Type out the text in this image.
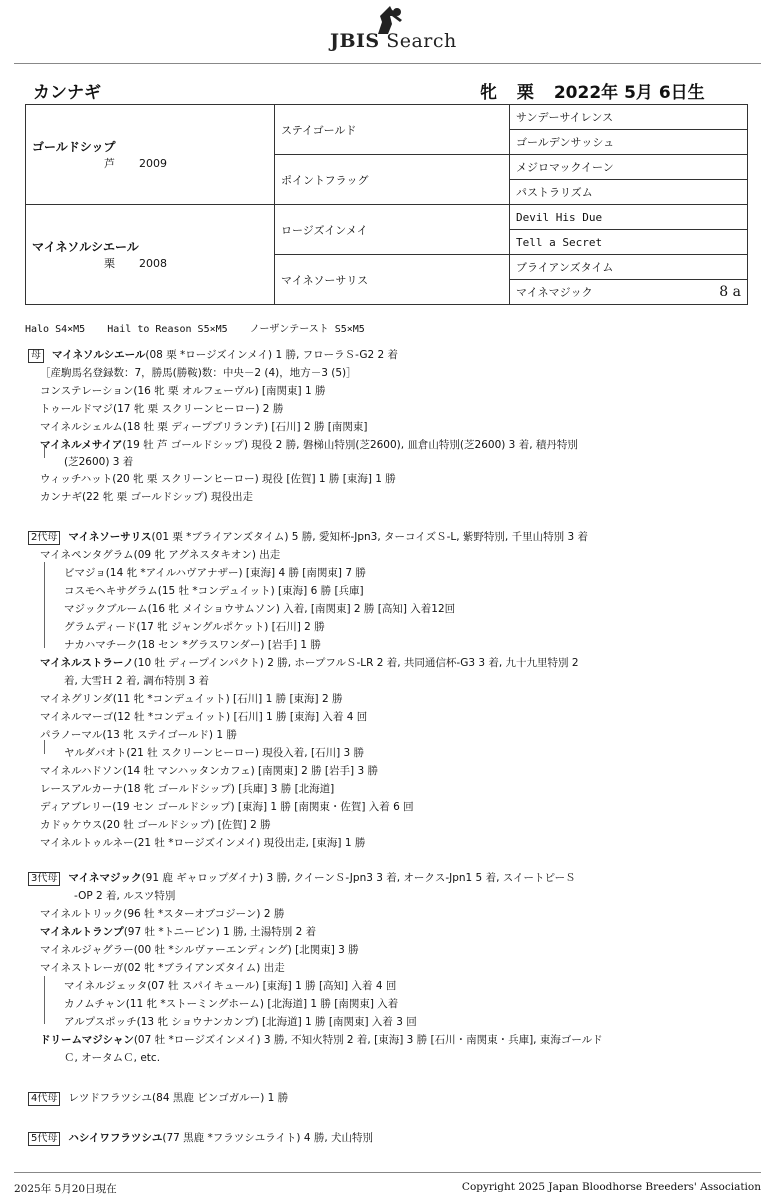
JBIS Search
カンナギ	牝 栗 2022年 5月 6日生
ゴールドシップ
芦 2009	ステイゴールド	サンデーサイレンス
		ゴールデンサッシュ
	ポイントフラッグ	メジロマックイーン
		パストラリズム

マイネソルシエール
栗 2008	ロージズインメイ	Devil His Due
		Tell a Secret
	マイネソーサリス	ブライアンズタイム
		マイネマジック 8 a
Halo S4×M5 Hail to Reason S5×M5 ノーザンテースト S5×M5
母 マイネソルシエール(08 栗 *ロージズインメイ) 1 勝, フローラＳ-G2 2 着
［産駒馬名登録数：7，勝馬(勝鞍)数：中央－2 (4)，地方－3 (5)］
コンステレーション(16 牝 栗 オルフェーヴル) [南関東] 1 勝
トゥールドマジ(17 牝 栗 スクリーンヒーロー) 2 勝
マイネルシェルム(18 牡 栗 ディープブリランテ) [石川] 2 勝 [南関東]
マイネルメサイア(19 牡 芦 ゴールドシップ) 現役 2 勝, 磐梯山特別(芝2600), 皿倉山特別(芝2600) 3 着, 積丹特別
(芝2600) 3 着
ウィッチハット(20 牝 栗 スクリーンヒーロー) 現役 [佐賀] 1 勝 [東海] 1 勝
カンナギ(22 牝 栗 ゴールドシップ) 現役出走
2代母 マイネソーサリス(01 栗 *ブライアンズタイム) 5 勝, 愛知杯-Jpn3, ターコイズＳ-L, 紫野特別, 千里山特別 3 着
マイネペンタグラム(09 牝 アグネスタキオン) 出走
ビマジョ(14 牝 *アイルハヴアナザー) [東海] 4 勝 [南関東] 7 勝
コスモヘキサグラム(15 牡 *コンデュイット) [東海] 6 勝 [兵庫]
マジックブルーム(16 牝 メイショウサムソン) 入着, [南関東] 2 勝 [高知] 入着12回
グラムディード(17 牝 ジャングルポケット) [石川] 2 勝
ナカハマチーク(18 セン *グラスワンダー) [岩手] 1 勝
マイネルストラーノ(10 牡 ディープインパクト) 2 勝, ホープフルＳ-LR 2 着, 共同通信杯-G3 3 着, 九十九里特別 2
着, 大雪Ｈ 2 着, 調布特別 3 着
マイネグリンダ(11 牝 *コンデュイット) [石川] 1 勝 [東海] 2 勝
マイネルマーゴ(12 牡 *コンデュイット) [石川] 1 勝 [東海] 入着 4 回
パラノーマル(13 牝 ステイゴールド) 1 勝
ヤルダバオト(21 牡 スクリーンヒーロー) 現役入着, [石川] 3 勝
マイネルハドソン(14 牡 マンハッタンカフェ) [南関東] 2 勝 [岩手] 3 勝
レースアルカーナ(18 牝 ゴールドシップ) [兵庫] 3 勝 [北海道]
ディアブレリー(19 セン ゴールドシップ) [東海] 1 勝 [南関東・佐賀] 入着 6 回
カドゥケウス(20 牡 ゴールドシップ) [佐賀] 2 勝
マイネルトゥルネー(21 牡 *ロージズインメイ) 現役出走, [東海] 1 勝
3代母 マイネマジック(91 鹿 ギャロップダイナ) 3 勝, クイーンＳ-Jpn3 3 着, オークス-Jpn1 5 着, スイートピーＳ
-OP 2 着, ルスツ特別
マイネルトリック(96 牡 *スターオブコジーン) 2 勝
マイネルトランプ(97 牡 *トニービン) 1 勝, 土湯特別 2 着
マイネルジャグラー(00 牡 *シルヴァーエンディング) [北関東] 3 勝
マイネストレーガ(02 牝 *ブライアンズタイム) 出走
マイネルジェッタ(07 牡 スパイキュール) [東海] 1 勝 [高知] 入着 4 回
カノムチャン(11 牝 *ストーミングホーム) [北海道] 1 勝 [南関東] 入着
アルプスポッチ(13 牝 ショウナンカンプ) [北海道] 1 勝 [南関東] 入着 3 回
ドリームマジシャン(07 牡 *ロージズインメイ) 3 勝, 不知火特別 2 着, [東海] 3 勝 [石川・南関東・兵庫], 東海ゴールド
Ｃ, オータムＣ, etc.
4代母 レツドフラツシユ(84 黒鹿 ビンゴガルー) 1 勝
5代母 ハシイワフラツシユ(77 黒鹿 *フラツシユライト) 4 勝, 犬山特別
2025年 5月20日現在	Copyright 2025 Japan Bloodhorse Breeders' Association
